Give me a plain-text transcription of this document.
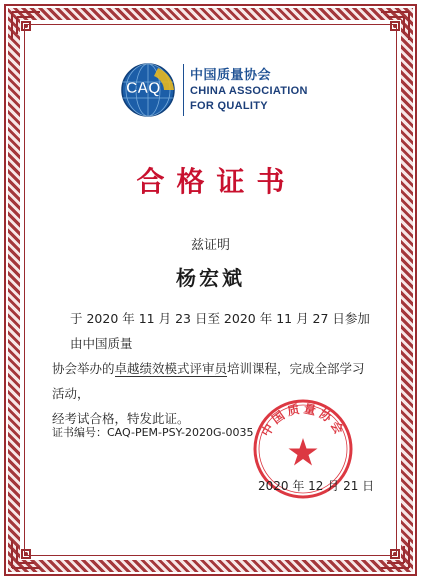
CAQ
中国质量协会
CHINA ASSOCIATION
FOR QUALITY
合格证书
兹证明
杨宏斌

于 2020 年 11 月 23 日至 2020 年 11 月 27 日参加由中国质量

协会举办的卓越绩效模式评审员培训课程，完成全部学习活动，

经考试合格，特发此证。

证书编号：CAQ-PEM-PSY-2020G-0035 中国质量协会
2020 年 12 月 21 日
